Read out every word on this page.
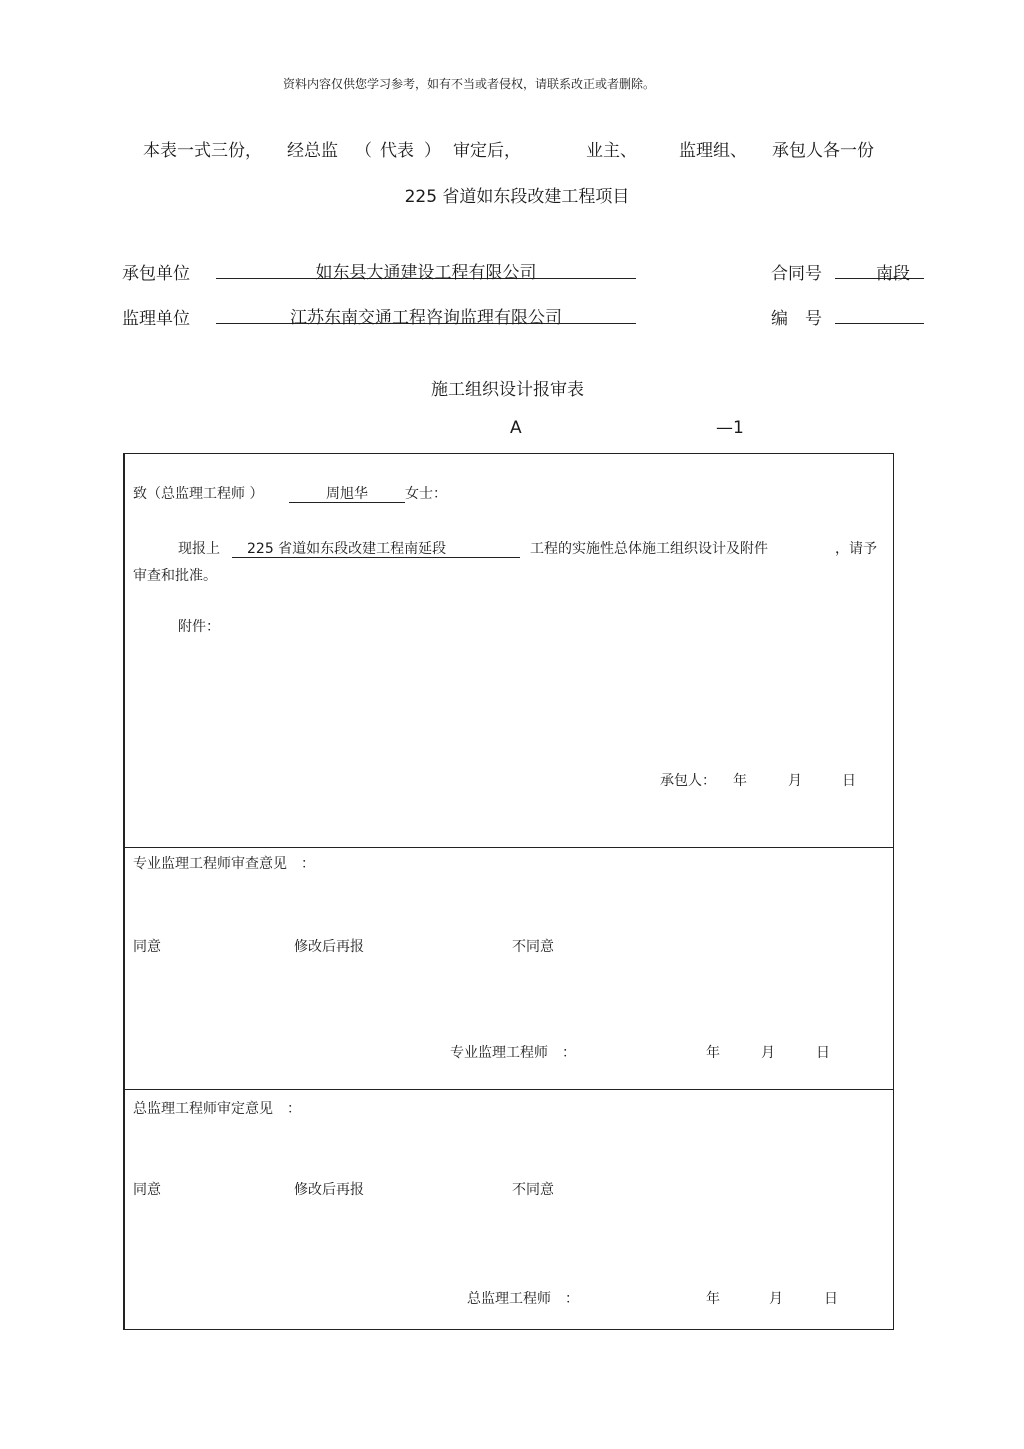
资料内容仅供您学习参考，如有不当或者侵权，请联系改正或者删除。
本表一式三份， 经总监 （ 代表 ） 审定后，	业主、 监理组、 承包人各一份
225 省道如东段改建工程项目
承包单位	如东县大通建设工程有限公司	合同号	南段
监理单位	江苏东南交通工程咨询监理有限公司	编　号
施工组织设计报审表
A	—1
致（总监理工程师 ）	周旭华	女士：
现报上 225 省道如东段改建工程南延段	工程的实施性总体施工组织设计及附件	，请予
审查和批准。
附件：
承包人： 年	月	日
专业监理工程师审查意见　：
同意	修改后再报	不同意
专业监理工程师　：	年	月	日
总监理工程师审定意见　：
同意	修改后再报	不同意
总监理工程师　：	年	月	日
